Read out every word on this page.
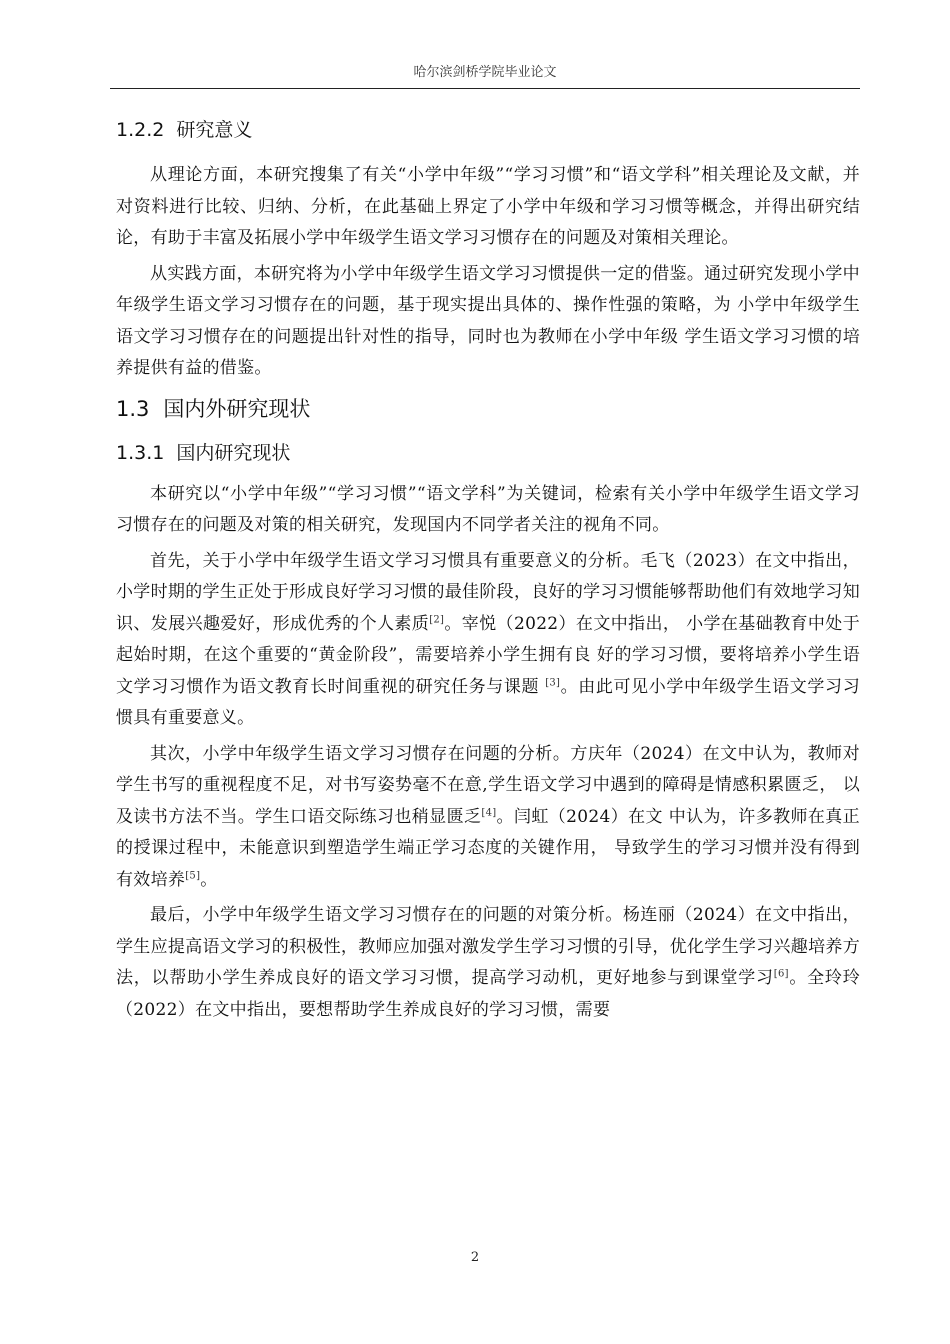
哈尔滨剑桥学院毕业论文
1.2.2 研究意义

从理论方面，本研究搜集了有关“小学中年级”“学习习惯”和“语文学科”相关理论及文献，并对资料进行比较、归纳、分析，在此基础上界定了小学中年级和学习习惯等概念，并得出研究结论，有助于丰富及拓展小学中年级学生语文学习习惯存在的问题及对策相关理论。

从实践方面，本研究将为小学中年级学生语文学习习惯提供一定的借鉴。通过研究发现小学中年级学生语文学习习惯存在的问题，基于现实提出具体的、操作性强的策略，为 小学中年级学生语文学习习惯存在的问题提出针对性的指导，同时也为教师在小学中年级 学生语文学习习惯的培养提供有益的借鉴。

1.3 国内外研究现状
1.3.1 国内研究现状

本研究以“小学中年级”“学习习惯”“语文学科”为关键词，检索有关小学中年级学生语文学习习惯存在的问题及对策的相关研究，发现国内不同学者关注的视角不同。

首先，关于小学中年级学生语文学习习惯具有重要意义的分析。毛飞（2023）在文中指出，小学时期的学生正处于形成良好学习习惯的最佳阶段，良好的学习习惯能够帮助他们有效地学习知识、发展兴趣爱好，形成优秀的个人素质[2]。宰悦（2022）在文中指出， 小学在基础教育中处于起始时期，在这个重要的“黄金阶段”，需要培养小学生拥有良 好的学习习惯，要将培养小学生语文学习习惯作为语文教育长时间重视的研究任务与课题 [3]。由此可见小学中年级学生语文学习习惯具有重要意义。

其次，小学中年级学生语文学习习惯存在问题的分析。方庆年（2024）在文中认为，教师对学生书写的重视程度不足，对书写姿势毫不在意,学生语文学习中遇到的障碍是情感积累匮乏， 以及读书方法不当。学生口语交际练习也稍显匮乏[4]。闫虹（2024）在文 中认为，许多教师在真正的授课过程中，未能意识到塑造学生端正学习态度的关键作用， 导致学生的学习习惯并没有得到有效培养[5]。

最后，小学中年级学生语文学习习惯存在的问题的对策分析。杨连丽（2024）在文中指出，学生应提高语文学习的积极性，教师应加强对激发学生学习习惯的引导，优化学生学习兴趣培养方法，以帮助小学生养成良好的语文学习习惯，提高学习动机，更好地参与到课堂学习[6]。全玲玲（2022）在文中指出，要想帮助学生养成良好的学习习惯，需要

2
